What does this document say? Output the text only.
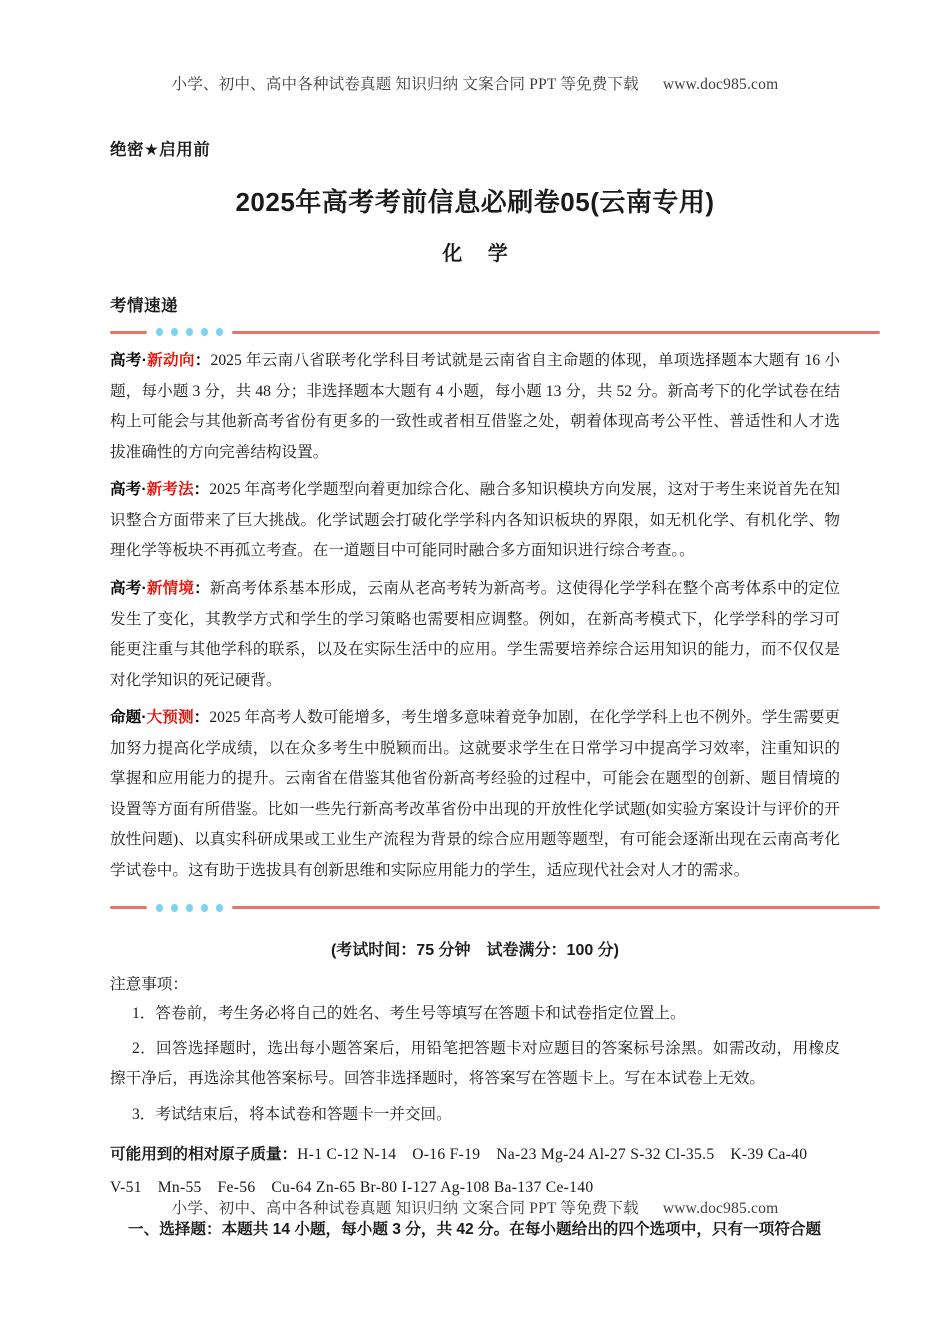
小学、初中、高中各种试卷真题 知识归纳 文案合同 PPT 等免费下载 www.doc985.com
绝密★启用前
2025年高考考前信息必刷卷05(云南专用)
化 学
考情速递
高考·新动向：2025 年云南八省联考化学科目考试就是云南省自主命题的体现，单项选择题本大题有 16 小题，每小题 3 分，共 48 分；非选择题本大题有 4 小题，每小题 13 分，共 52 分。新高考下的化学试卷在结构上可能会与其他新高考省份有更多的一致性或者相互借鉴之处，朝着体现高考公平性、普适性和人才选拔准确性的方向完善结构设置。
高考·新考法：2025 年高考化学题型向着更加综合化、融合多知识模块方向发展，这对于考生来说首先在知识整合方面带来了巨大挑战。化学试题会打破化学学科内各知识板块的界限，如无机化学、有机化学、物理化学等板块不再孤立考查。在一道题目中可能同时融合多方面知识进行综合考查。。
高考·新情境：新高考体系基本形成，云南从老高考转为新高考。这使得化学学科在整个高考体系中的定位发生了变化，其教学方式和学生的学习策略也需要相应调整。例如，在新高考模式下，化学学科的学习可能更注重与其他学科的联系，以及在实际生活中的应用。学生需要培养综合运用知识的能力，而不仅仅是对化学知识的死记硬背。
命题·大预测：2025 年高考人数可能增多，考生增多意味着竞争加剧，在化学学科上也不例外。学生需要更加努力提高化学成绩，以在众多考生中脱颖而出。这就要求学生在日常学习中提高学习效率，注重知识的掌握和应用能力的提升。云南省在借鉴其他省份新高考经验的过程中，可能会在题型的创新、题目情境的设置等方面有所借鉴。比如一些先行新高考改革省份中出现的开放性化学试题(如实验方案设计与评价的开放性问题)、以真实科研成果或工业生产流程为背景的综合应用题等题型，有可能会逐渐出现在云南高考化学试卷中。这有助于选拔具有创新思维和实际应用能力的学生，适应现代社会对人才的需求。
(考试时间：75 分钟　试卷满分：100 分)
注意事项：
1．答卷前，考生务必将自己的姓名、考生号等填写在答题卡和试卷指定位置上。
2．回答选择题时，选出每小题答案后，用铅笔把答题卡对应题目的答案标号涂黑。如需改动，用橡皮擦干净后，再选涂其他答案标号。回答非选择题时，将答案写在答题卡上。写在本试卷上无效。
3．考试结束后，将本试卷和答题卡一并交回。
可能用到的相对原子质量：H-1 C-12 N-14　O-16 F-19　Na-23 Mg-24 Al-27 S-32 Cl-35.5　K-39 Ca-40
V-51　Mn-55　Fe-56　Cu-64 Zn-65 Br-80 I-127 Ag-108 Ba-137 Ce-140
一、选择题：本题共 14 小题，每小题 3 分，共 42 分。在每小题给出的四个选项中，只有一项符合题
小学、初中、高中各种试卷真题 知识归纳 文案合同 PPT 等免费下载 www.doc985.com
